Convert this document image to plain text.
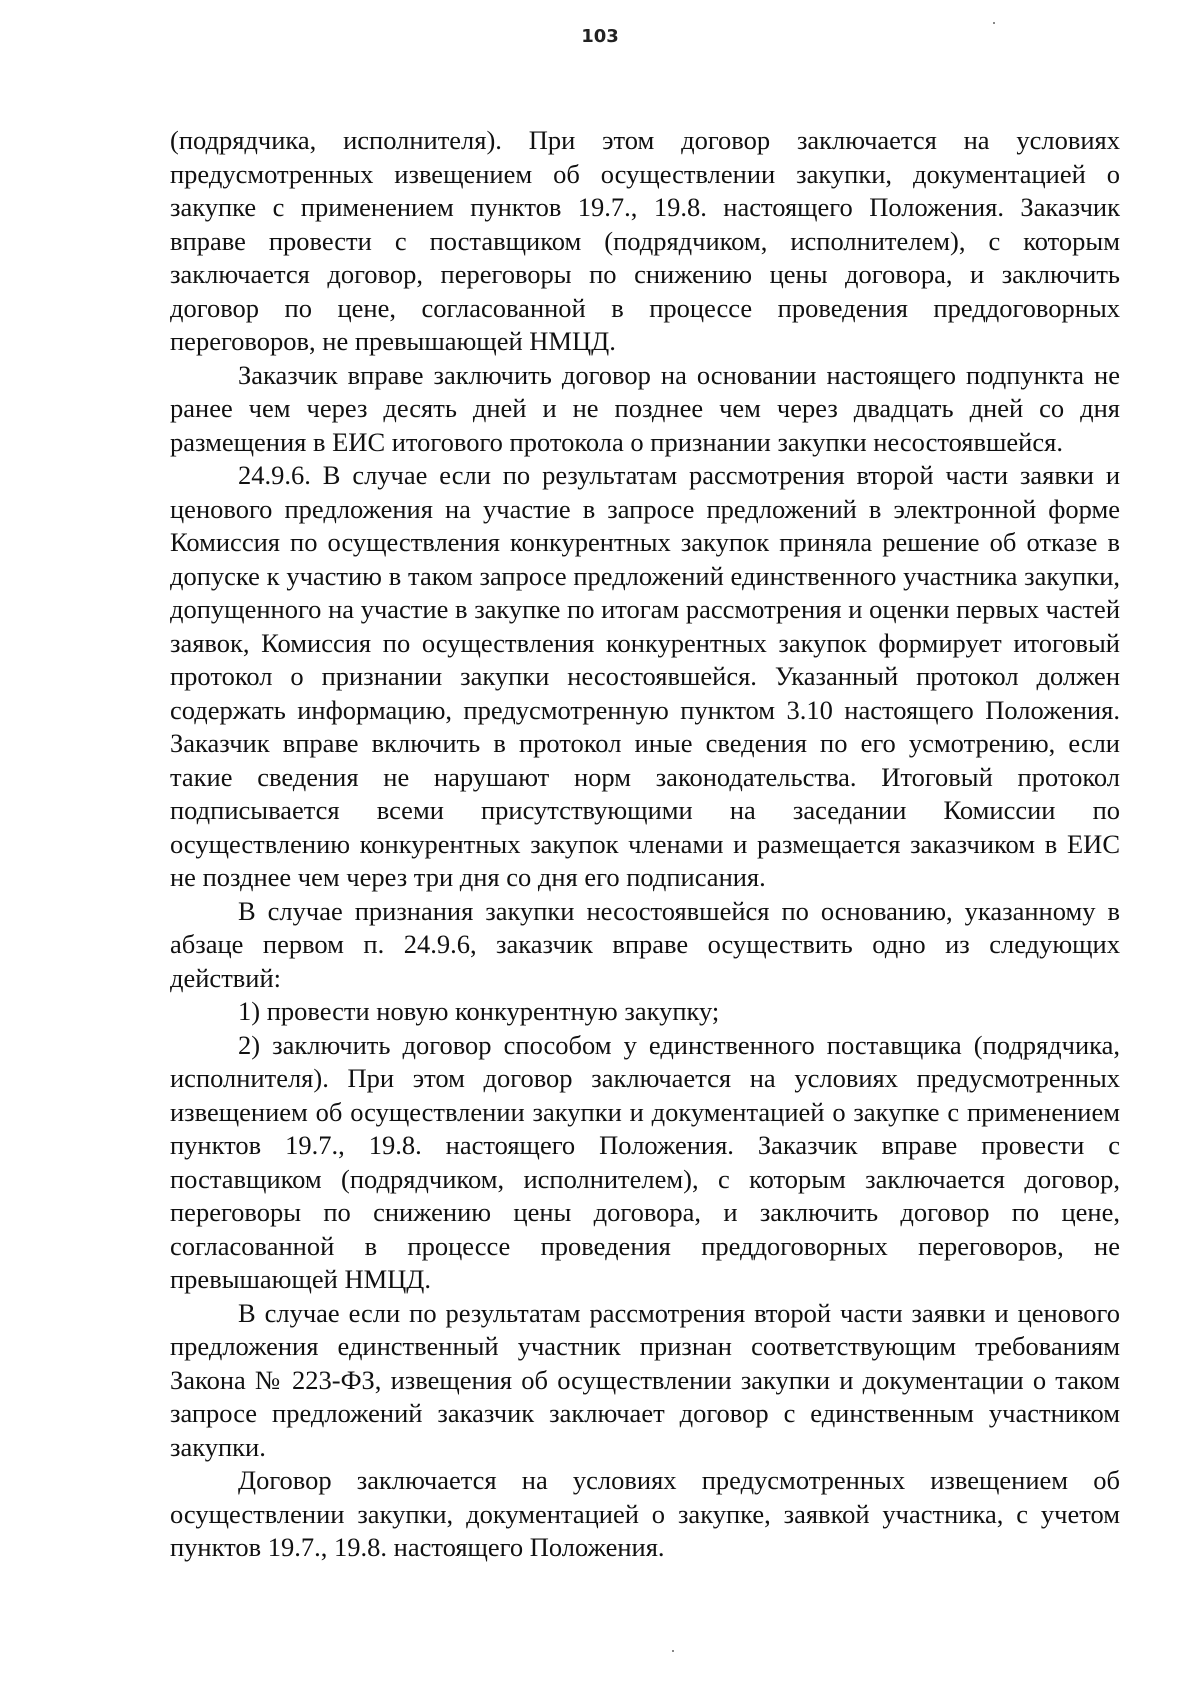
103

(подрядчика, исполнителя). При этом договор заключается на условиях предусмотренных извещением об осуществлении закупки, документацией о закупке с применением пунктов 19.7., 19.8. настоящего Положения. Заказчик вправе провести с поставщиком (подрядчиком, исполнителем), с которым заключается договор, переговоры по снижению цены договора, и заключить договор по цене, согласованной в процессе проведения преддоговорных переговоров, не превышающей НМЦД.

Заказчик вправе заключить договор на основании настоящего подпункта не ранее чем через десять дней и не позднее чем через двадцать дней со дня размещения в ЕИС итогового протокола о признании закупки несостоявшейся.

24.9.6. В случае если по результатам рассмотрения второй части заявки и ценового предложения на участие в запросе предложений в электронной форме Комиссия по осуществления конкурентных закупок приняла решение об отказе в допуске к участию в таком запросе предложений единственного участника закупки, допущенного на участие в закупке по итогам рассмотрения и оценки первых частей заявок, Комиссия по осуществления конкурентных закупок формирует итоговый протокол о признании закупки несостоявшейся. Указанный протокол должен содержать информацию, предусмотренную пунктом 3.10 настоящего Положения. Заказчик вправе включить в протокол иные сведения по его усмотрению, если такие сведения не нарушают норм законодательства. Итоговый протокол подписывается всеми присутствующими на заседании Комиссии по осуществлению конкурентных закупок членами и размещается заказчиком в ЕИС не позднее чем через три дня со дня его подписания.

В случае признания закупки несостоявшейся по основанию, указанному в абзаце первом п. 24.9.6, заказчик вправе осуществить одно из следующих действий:

1) провести новую конкурентную закупку;

2) заключить договор способом у единственного поставщика (подрядчика, исполнителя). При этом договор заключается на условиях предусмотренных извещением об осуществлении закупки и документацией о закупке с применением пунктов 19.7., 19.8. настоящего Положения. Заказчик вправе провести с поставщиком (подрядчиком, исполнителем), с которым заключается договор, переговоры по снижению цены договора, и заключить договор по цене, согласованной в процессе проведения преддоговорных переговоров, не превышающей НМЦД.

В случае если по результатам рассмотрения второй части заявки и ценового предложения единственный участник признан соответствующим требованиям Закона № 223-ФЗ, извещения об осуществлении закупки и документации о таком запросе предложений заказчик заключает договор с единственным участником закупки.

Договор заключается на условиях предусмотренных извещением об осуществлении закупки, документацией о закупке, заявкой участника, с учетом пунктов 19.7., 19.8. настоящего Положения.
